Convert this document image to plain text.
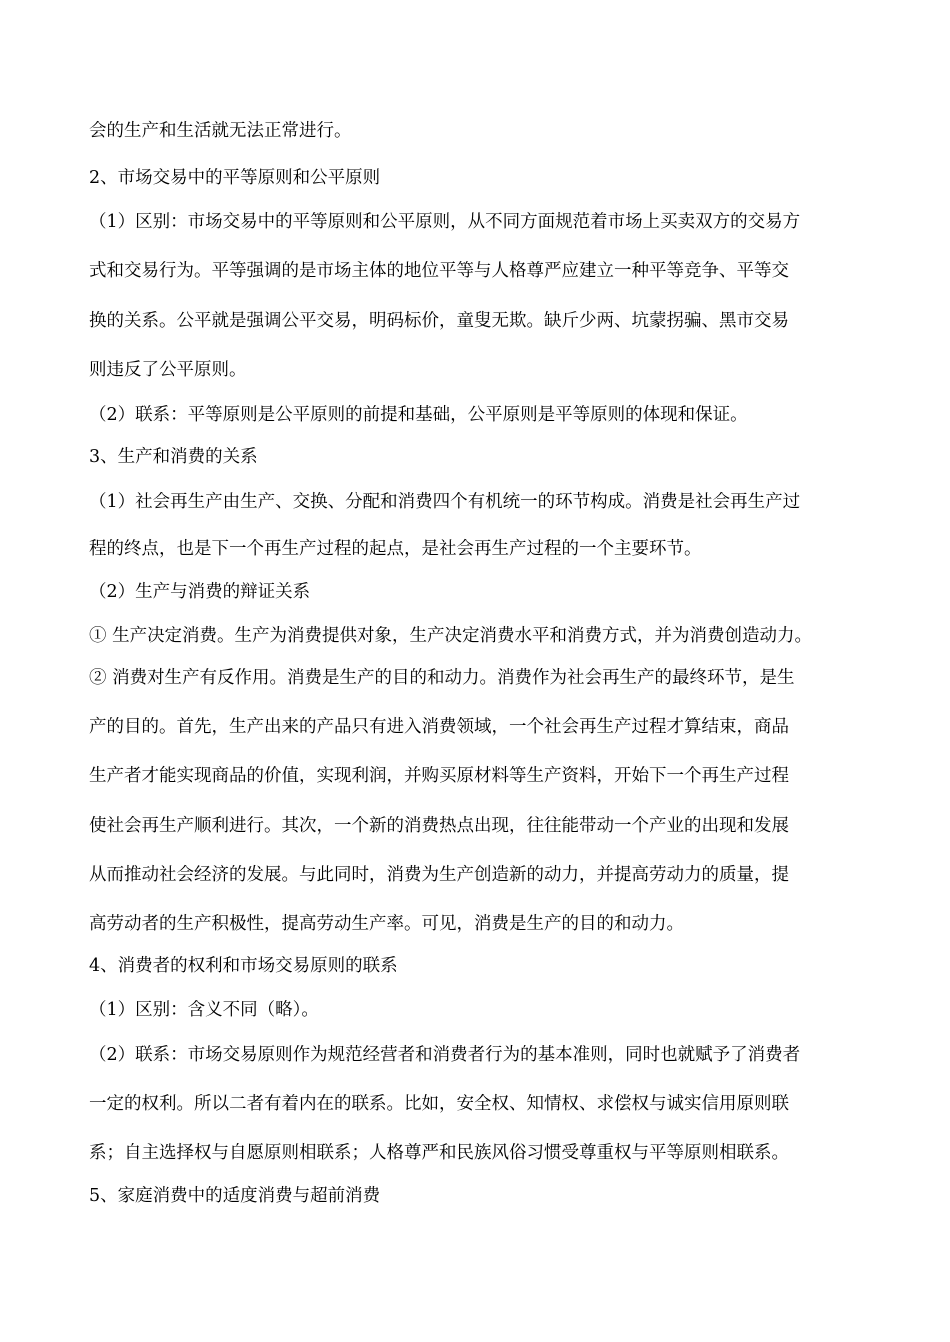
会的生产和生活就无法正常进行。
2、市场交易中的平等原则和公平原则
（1）区别：市场交易中的平等原则和公平原则，从不同方面规范着市场上买卖双方的交易方
式和交易行为。平等强调的是市场主体的地位平等与人格尊严应建立一种平等竞争、平等交
换的关系。公平就是强调公平交易，明码标价，童叟无欺。缺斤少两、坑蒙拐骗、黑市交易
则违反了公平原则。
（2）联系：平等原则是公平原则的前提和基础，公平原则是平等原则的体现和保证。
3、生产和消费的关系
（1）社会再生产由生产、交换、分配和消费四个有机统一的环节构成。消费是社会再生产过
程的终点，也是下一个再生产过程的起点，是社会再生产过程的一个主要环节。
（2）生产与消费的辩证关系
① 生产决定消费。生产为消费提供对象，生产决定消费水平和消费方式，并为消费创造动力。
② 消费对生产有反作用。消费是生产的目的和动力。消费作为社会再生产的最终环节，是生
产的目的。首先，生产出来的产品只有进入消费领域，一个社会再生产过程才算结束，商品
生产者才能实现商品的价值，实现利润，并购买原材料等生产资料，开始下一个再生产过程
使社会再生产顺利进行。其次，一个新的消费热点出现，往往能带动一个产业的出现和发展
从而推动社会经济的发展。与此同时，消费为生产创造新的动力，并提高劳动力的质量，提
高劳动者的生产积极性，提高劳动生产率。可见，消费是生产的目的和动力。
4、消费者的权利和市场交易原则的联系
（1）区别：含义不同（略）。
（2）联系：市场交易原则作为规范经营者和消费者行为的基本准则，同时也就赋予了消费者
一定的权利。所以二者有着内在的联系。比如，安全权、知情权、求偿权与诚实信用原则联
系；自主选择权与自愿原则相联系；人格尊严和民族风俗习惯受尊重权与平等原则相联系。
5、家庭消费中的适度消费与超前消费
